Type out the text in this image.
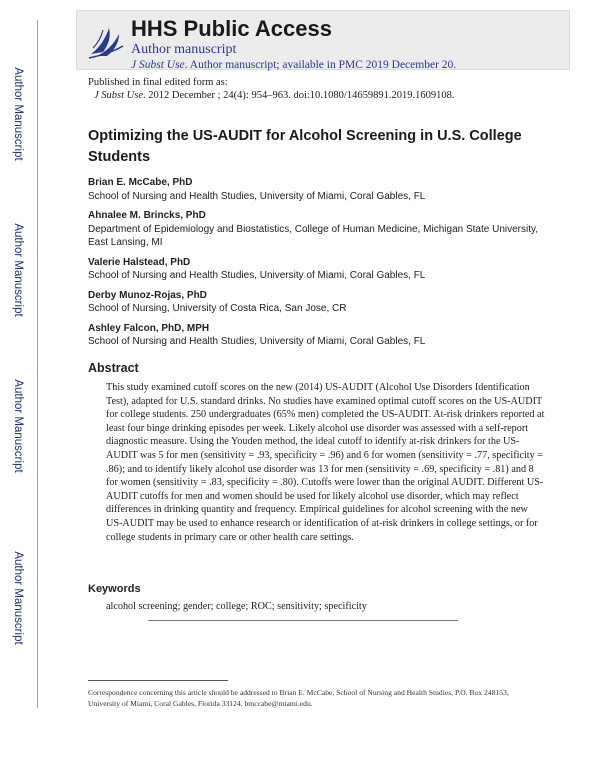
Author Manuscript
Author Manuscript
Author Manuscript
Author Manuscript
HHS Public Access
Author manuscript
J Subst Use. Author manuscript; available in PMC 2019 December 20.
Published in final edited form as:
J Subst Use. 2012 December ; 24(4): 954–963. doi:10.1080/14659891.2019.1609108.
Optimizing the US-AUDIT for Alcohol Screening in U.S. College Students
Brian E. McCabe, PhD
School of Nursing and Health Studies, University of Miami, Coral Gables, FL
Ahnalee M. Brincks, PhD
Department of Epidemiology and Biostatistics, College of Human Medicine, Michigan State University, East Lansing, MI
Valerie Halstead, PhD
School of Nursing and Health Studies, University of Miami, Coral Gables, FL
Derby Munoz-Rojas, PhD
School of Nursing, University of Costa Rica, San Jose, CR
Ashley Falcon, PhD, MPH
School of Nursing and Health Studies, University of Miami, Coral Gables, FL
Abstract
This study examined cutoff scores on the new (2014) US-AUDIT (Alcohol Use Disorders Identification Test), adapted for U.S. standard drinks. No studies have examined optimal cutoff scores on the US-AUDIT for college students. 250 undergraduates (65% men) completed the US-AUDIT. At-risk drinkers reported at least four binge drinking episodes per week. Likely alcohol use disorder was assessed with a self-report diagnostic measure. Using the Youden method, the ideal cutoff to identify at-risk drinkers for the US-AUDIT was 5 for men (sensitivity = .93, specificity = .96) and 6 for women (sensitivity = .77, specificity = .86); and to identify likely alcohol use disorder was 13 for men (sensitivity = .69, specificity = .81) and 8 for women (sensitivity = .83, specificity = .80). Cutoffs were lower than the original AUDIT. Different US-AUDIT cutoffs for men and women should be used for likely alcohol use disorder, which may reflect differences in drinking quantity and frequency. Empirical guidelines for alcohol screening with the new US-AUDIT may be used to enhance research or identification of at-risk drinkers in college settings, or for college students in primary care or other health care settings.
Keywords
alcohol screening; gender; college; ROC; sensitivity; specificity
Correspondence concerning this article should be addressed to Brian E. McCabe, School of Nursing and Health Studies, P.O. Box 248153, University of Miami, Coral Gables, Florida 33124. bmccabe@miami.edu.
